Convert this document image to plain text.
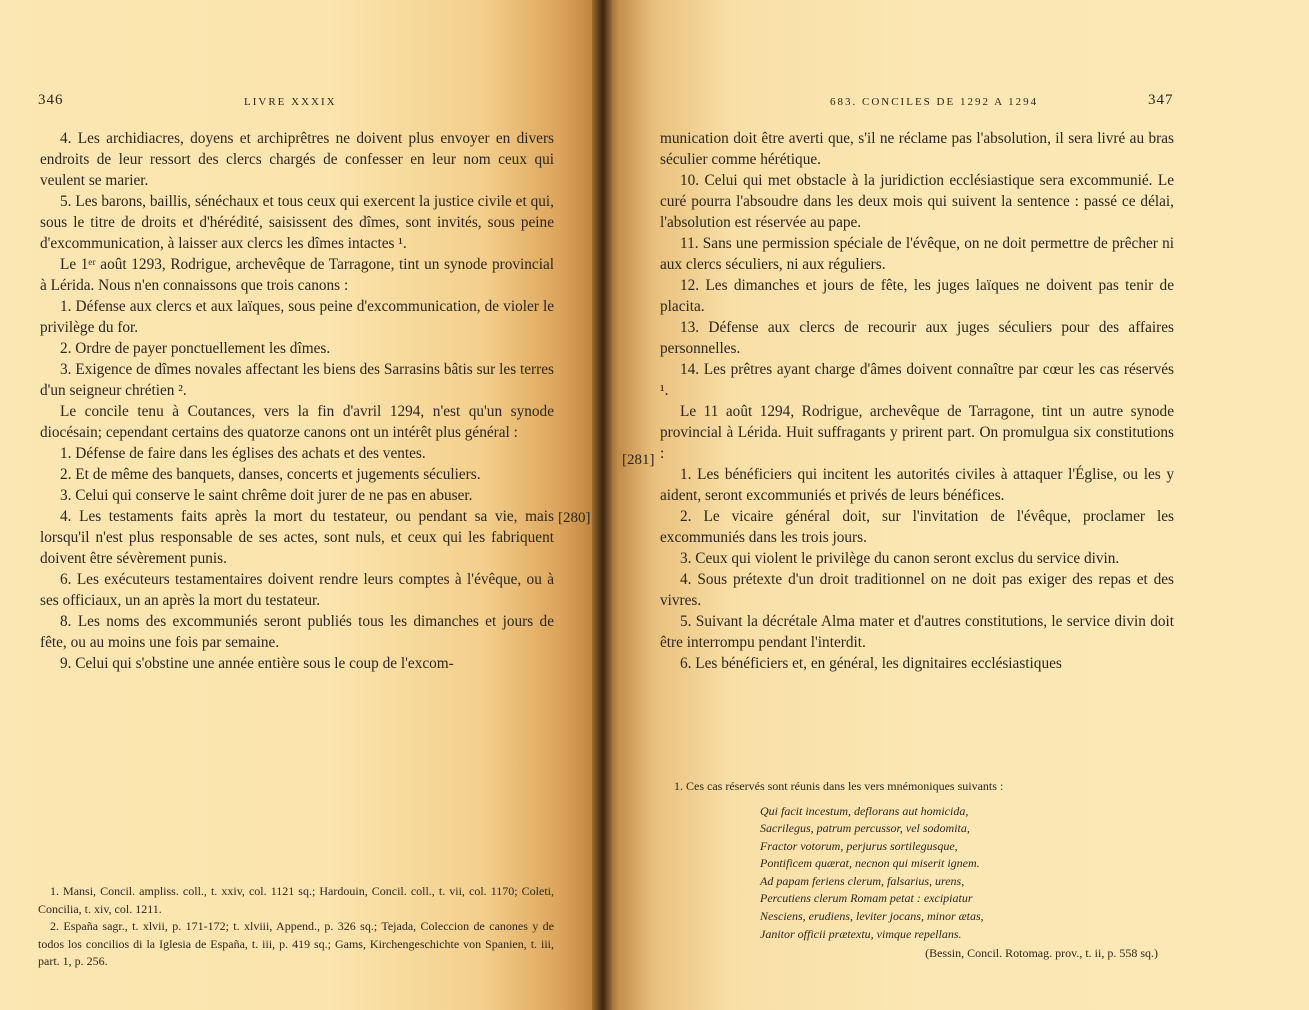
346	LIVRE XXXIX

4. Les archidiacres, doyens et archiprêtres ne doivent plus envoyer en divers endroits de leur ressort des clercs chargés de confesser en leur nom ceux qui veulent se marier.

5. Les barons, baillis, sénéchaux et tous ceux qui exercent la justice civile et qui, sous le titre de droits et d'hérédité, saisissent des dîmes, sont invités, sous peine d'excommunication, à laisser aux clercs les dîmes intactes ¹.

Le 1ᵉʳ août 1293, Rodrigue, archevêque de Tarragone, tint un synode provincial à Lérida. Nous n'en connaissons que trois canons :

1. Défense aux clercs et aux laïques, sous peine d'excommunication, de violer le privilège du for.

2. Ordre de payer ponctuellement les dîmes.

3. Exigence de dîmes novales affectant les biens des Sarrasins bâtis sur les terres d'un seigneur chrétien ².

Le concile tenu à Coutances, vers la fin d'avril 1294, n'est qu'un synode diocésain; cependant certains des quatorze canons ont un intérêt plus général :

1. Défense de faire dans les églises des achats et des ventes.

2. Et de même des banquets, danses, concerts et jugements séculiers.

3. Celui qui conserve le saint chrême doit jurer de ne pas en abuser.

4. Les testaments faits après la mort du testateur, ou pendant sa vie, mais lorsqu'il n'est plus responsable de ses actes, sont nuls, et ceux qui les fabriquent doivent être sévèrement punis.

6. Les exécuteurs testamentaires doivent rendre leurs comptes à l'évêque, ou à ses officiaux, un an après la mort du testateur.

8. Les noms des excommuniés seront publiés tous les dimanches et jours de fête, ou au moins une fois par semaine.

9. Celui qui s'obstine une année entière sous le coup de l'excom-

[280]

1. Mansi, Concil. ampliss. coll., t. xxiv, col. 1121 sq.; Hardouin, Concil. coll., t. vii, col. 1170; Coleti, Concilia, t. xiv, col. 1211.

2. España sagr., t. xlvii, p. 171-172; t. xlviii, Append., p. 326 sq.; Tejada, Coleccion de canones y de todos los concilios di la Iglesia de España, t. iii, p. 419 sq.; Gams, Kirchengeschichte von Spanien, t. iii, part. 1, p. 256.

683. CONCILES DE 1292 A 1294	347
[281]

munication doit être averti que, s'il ne réclame pas l'absolution, il sera livré au bras séculier comme hérétique.

10. Celui qui met obstacle à la juridiction ecclésiastique sera excommunié. Le curé pourra l'absoudre dans les deux mois qui suivent la sentence : passé ce délai, l'absolution est réservée au pape.

11. Sans une permission spéciale de l'évêque, on ne doit permettre de prêcher ni aux clercs séculiers, ni aux réguliers.

12. Les dimanches et jours de fête, les juges laïques ne doivent pas tenir de placita.

13. Défense aux clercs de recourir aux juges séculiers pour des affaires personnelles.

14. Les prêtres ayant charge d'âmes doivent connaître par cœur les cas réservés ¹.

Le 11 août 1294, Rodrigue, archevêque de Tarragone, tint un autre synode provincial à Lérida. Huit suffragants y prirent part. On promulgua six constitutions :

1. Les bénéficiers qui incitent les autorités civiles à attaquer l'Église, ou les y aident, seront excommuniés et privés de leurs bénéfices.

2. Le vicaire général doit, sur l'invitation de l'évêque, proclamer les excommuniés dans les trois jours.

3. Ceux qui violent le privilège du canon seront exclus du service divin.

4. Sous prétexte d'un droit traditionnel on ne doit pas exiger des repas et des vivres.

5. Suivant la décrétale Alma mater et d'autres constitutions, le service divin doit être interrompu pendant l'interdit.

6. Les bénéficiers et, en général, les dignitaires ecclésiastiques

1. Ces cas réservés sont réunis dans les vers mnémoniques suivants :

Qui facit incestum, deflorans aut homicida,
Sacrilegus, patrum percussor, vel sodomita,
Fractor votorum, perjurus sortilegusque,
Pontificem quærat, necnon qui miserit ignem.
Ad papam feriens clerum, falsarius, urens,
Percutiens clerum Romam petat : excipiatur
Nesciens, erudiens, leviter jocans, minor ætas,
Janitor officii prætextu, vimque repellans.
(Bessin, Concil. Rotomag. prov., t. ii, p. 558 sq.)
